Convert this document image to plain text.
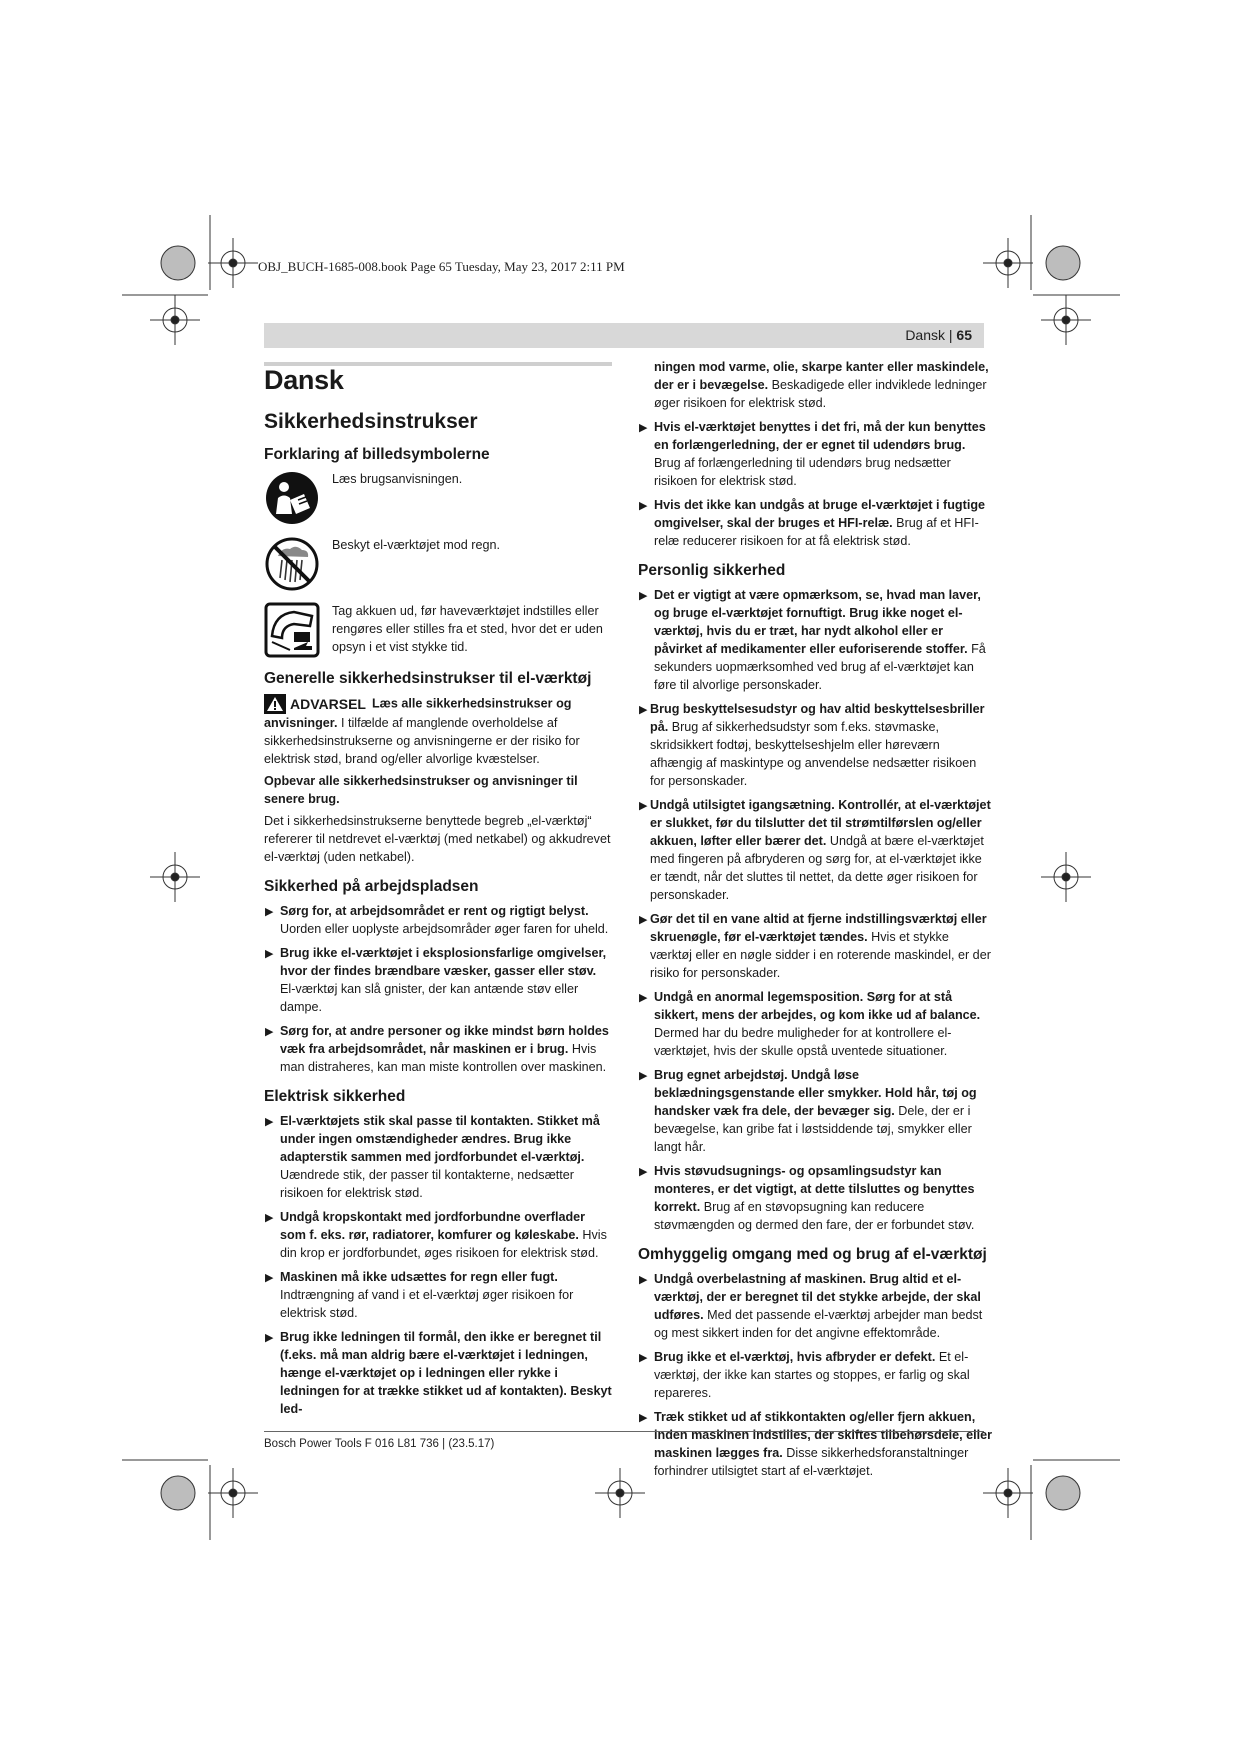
OBJ_BUCH-1685-008.book Page 65 Tuesday, May 23, 2017 2:11 PM
Dansk | 65
Dansk
Sikkerhedsinstrukser
Forklaring af billedsymbolerne
Læs brugsanvisningen.
Beskyt el-værktøjet mod regn.
Tag akkuen ud, før haveværktøjet indstilles eller rengøres eller stilles fra et sted, hvor det er uden opsyn i et vist stykke tid.
Generelle sikkerhedsinstrukser til el-værktøj

ADVARSEL Læs alle sikkerhedsinstrukser og anvisninger. I tilfælde af manglende overholdelse af sikkerhedsinstrukserne og anvisningerne er der risiko for elektrisk stød, brand og/eller alvorlige kvæstelser.

Opbevar alle sikkerhedsinstrukser og anvisninger til senere brug.

Det i sikkerhedsinstrukserne benyttede begreb „el-værktøj“ refererer til netdrevet el-værktøj (med netkabel) og akkudrevet el-værktøj (uden netkabel).

Sikkerhed på arbejdspladsen
▶ Sørg for, at arbejdsområdet er rent og rigtigt belyst. Uorden eller uoplyste arbejdsområder øger faren for uheld.
▶ Brug ikke el-værktøjet i eksplosionsfarlige omgivelser, hvor der findes brændbare væsker, gasser eller støv. El-værktøj kan slå gnister, der kan antænde støv eller dampe.
▶ Sørg for, at andre personer og ikke mindst børn holdes væk fra arbejdsområdet, når maskinen er i brug. Hvis man distraheres, kan man miste kontrollen over maskinen.
Elektrisk sikkerhed
▶ El-værktøjets stik skal passe til kontakten. Stikket må under ingen omstændigheder ændres. Brug ikke adapterstik sammen med jordforbundet el-værktøj. Uændrede stik, der passer til kontakterne, nedsætter risikoen for elektrisk stød.
▶ Undgå kropskontakt med jordforbundne overflader som f. eks. rør, radiatorer, komfurer og køleskabe. Hvis din krop er jordforbundet, øges risikoen for elektrisk stød.
▶ Maskinen må ikke udsættes for regn eller fugt. Indtrængning af vand i et el-værktøj øger risikoen for elektrisk stød.
▶ Brug ikke ledningen til formål, den ikke er beregnet til (f.eks. må man aldrig bære el-værktøjet i ledningen, hænge el-værktøjet op i ledningen eller rykke i ledningen for at trække stikket ud af kontakten). Beskyt led-
ningen mod varme, olie, skarpe kanter eller maskindele, der er i bevægelse. Beskadigede eller indviklede ledninger øger risikoen for elektrisk stød.
▶ Hvis el-værktøjet benyttes i det fri, må der kun benyttes en forlængerledning, der er egnet til udendørs brug. Brug af forlængerledning til udendørs brug nedsætter risikoen for elektrisk stød.
▶ Hvis det ikke kan undgås at bruge el-værktøjet i fugtige omgivelser, skal der bruges et HFI-relæ. Brug af et HFI-relæ reducerer risikoen for at få elektrisk stød.
Personlig sikkerhed
▶ Det er vigtigt at være opmærksom, se, hvad man laver, og bruge el-værktøjet fornuftigt. Brug ikke noget el-værktøj, hvis du er træt, har nydt alkohol eller er påvirket af medikamenter eller euforiserende stoffer. Få sekunders uopmærksomhed ved brug af el-værktøjet kan føre til alvorlige personskader.
▶ Brug beskyttelsesudstyr og hav altid beskyttelsesbriller på. Brug af sikkerhedsudstyr som f.eks. støvmaske, skridsikkert fodtøj, beskyttelseshjelm eller høreværn afhængig af maskintype og anvendelse nedsætter risikoen for personskader.
▶ Undgå utilsigtet igangsætning. Kontrollér, at el-værktøjet er slukket, før du tilslutter det til strømtilførslen og/eller akkuen, løfter eller bærer det. Undgå at bære el-værktøjet med fingeren på afbryderen og sørg for, at el-værktøjet ikke er tændt, når det sluttes til nettet, da dette øger risikoen for personskader.
▶ Gør det til en vane altid at fjerne indstillingsværktøj eller skruenøgle, før el-værktøjet tændes. Hvis et stykke værktøj eller en nøgle sidder i en roterende maskindel, er der risiko for personskader.
▶ Undgå en anormal legemsposition. Sørg for at stå sikkert, mens der arbejdes, og kom ikke ud af balance. Dermed har du bedre muligheder for at kontrollere el-værktøjet, hvis der skulle opstå uventede situationer.
▶ Brug egnet arbejdstøj. Undgå løse beklædningsgenstande eller smykker. Hold hår, tøj og handsker væk fra dele, der bevæger sig. Dele, der er i bevægelse, kan gribe fat i løstsiddende tøj, smykker eller langt hår.
▶ Hvis støvudsugnings- og opsamlingsudstyr kan monteres, er det vigtigt, at dette tilsluttes og benyttes korrekt. Brug af en støvopsugning kan reducere støvmængden og dermed den fare, der er forbundet støv.
Omhyggelig omgang med og brug af el-værktøj
▶ Undgå overbelastning af maskinen. Brug altid et el-værktøj, der er beregnet til det stykke arbejde, der skal udføres. Med det passende el-værktøj arbejder man bedst og mest sikkert inden for det angivne effektområde.
▶ Brug ikke et el-værktøj, hvis afbryder er defekt. Et el-værktøj, der ikke kan startes og stoppes, er farlig og skal repareres.
▶ Træk stikket ud af stikkontakten og/eller fjern akkuen, inden maskinen indstilles, der skiftes tilbehørsdele, eller maskinen lægges fra. Disse sikkerhedsforanstaltninger forhindrer utilsigtet start af el-værktøjet.
Bosch Power Tools F 016 L81 736 | (23.5.17)
